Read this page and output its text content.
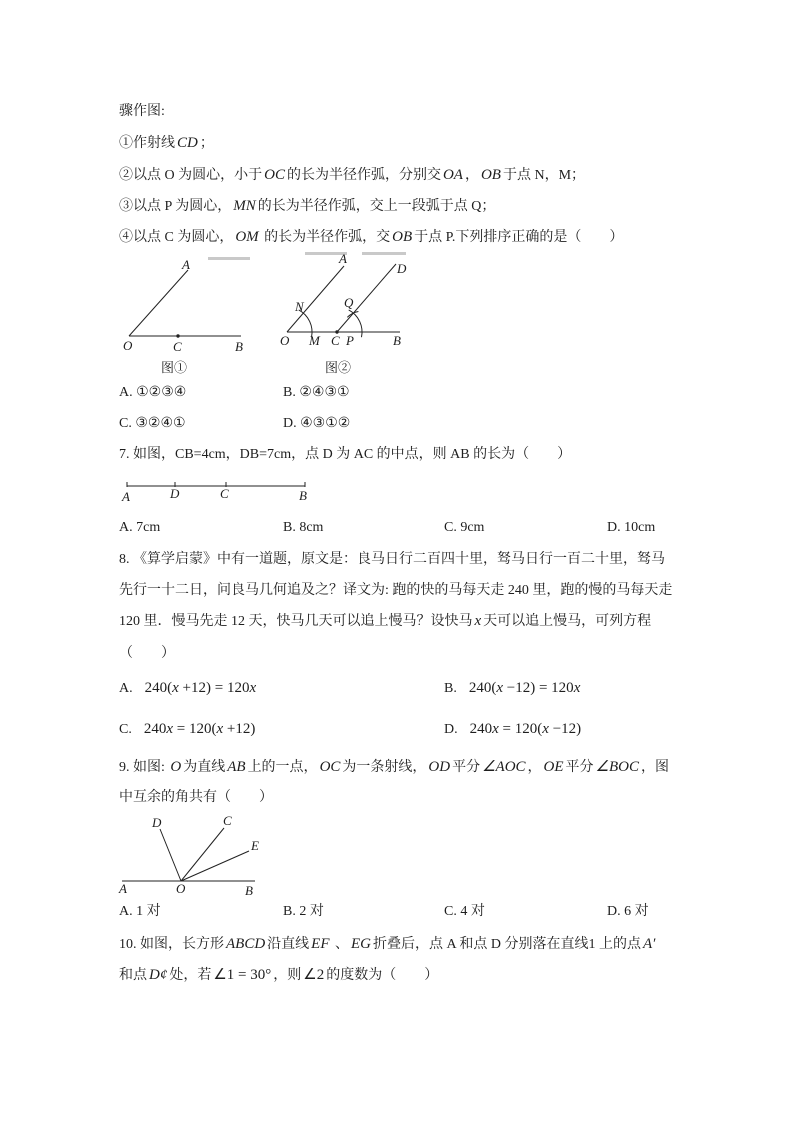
骤作图:
①作射线 CD ；
②以点 O 为圆心，小于 OC 的长为半径作弧，分别交 OA ， OB 于点 N，M；
③以点 P 为圆心， MN 的长为半径作弧，交上一段弧于点 Q；
④以点 C 为圆心， OM 的长为半径作弧，交 OB 于点 P.下列排序正确的是（　　）
A
O	C	B
图①
A
D
N	Q
O M C P	B
图②
A. ①②③④	B. ②④③①
C. ③②④①	D. ④③①②
7. 如图，CB=4cm，DB=7cm，点 D 为 AC 的中点，则 AB 的长为（　　）
A	D	C	B
A. 7cm	B. 8cm	C. 9cm	D. 10cm
8. 《算学启蒙》中有一道题，原文是：良马日行二百四十里，驽马日行一百二十里，驽马
先行一十二日，问良马几何追及之？译文为: 跑的快的马每天走 240 里，跑的慢的马每天走
120 里．慢马先走 12 天，快马几天可以追上慢马？设快马 x 天可以追上慢马，可列方程
（　　）
A. 240(x +12) = 120x	B. 240(x −12) = 120x
C. 240x = 120(x +12)	D. 240x = 120(x −12)
9. 如图: O 为直线 AB 上的一点， OC 为一条射线， OD 平分 ∠AOC ， OE 平分 ∠BOC ，图
中互余的角共有（　　）
D	C
E
A	O	B
A. 1 对	B. 2 对	C. 4 对	D. 6 对
10. 如图，长方形 ABCD 沿直线 EF 、 EG 折叠后，点 A 和点 D 分别落在直线1 上的点 A′
和点 D¢ 处，若 ∠1 = 30° ，则 ∠2 的度数为（　　）
